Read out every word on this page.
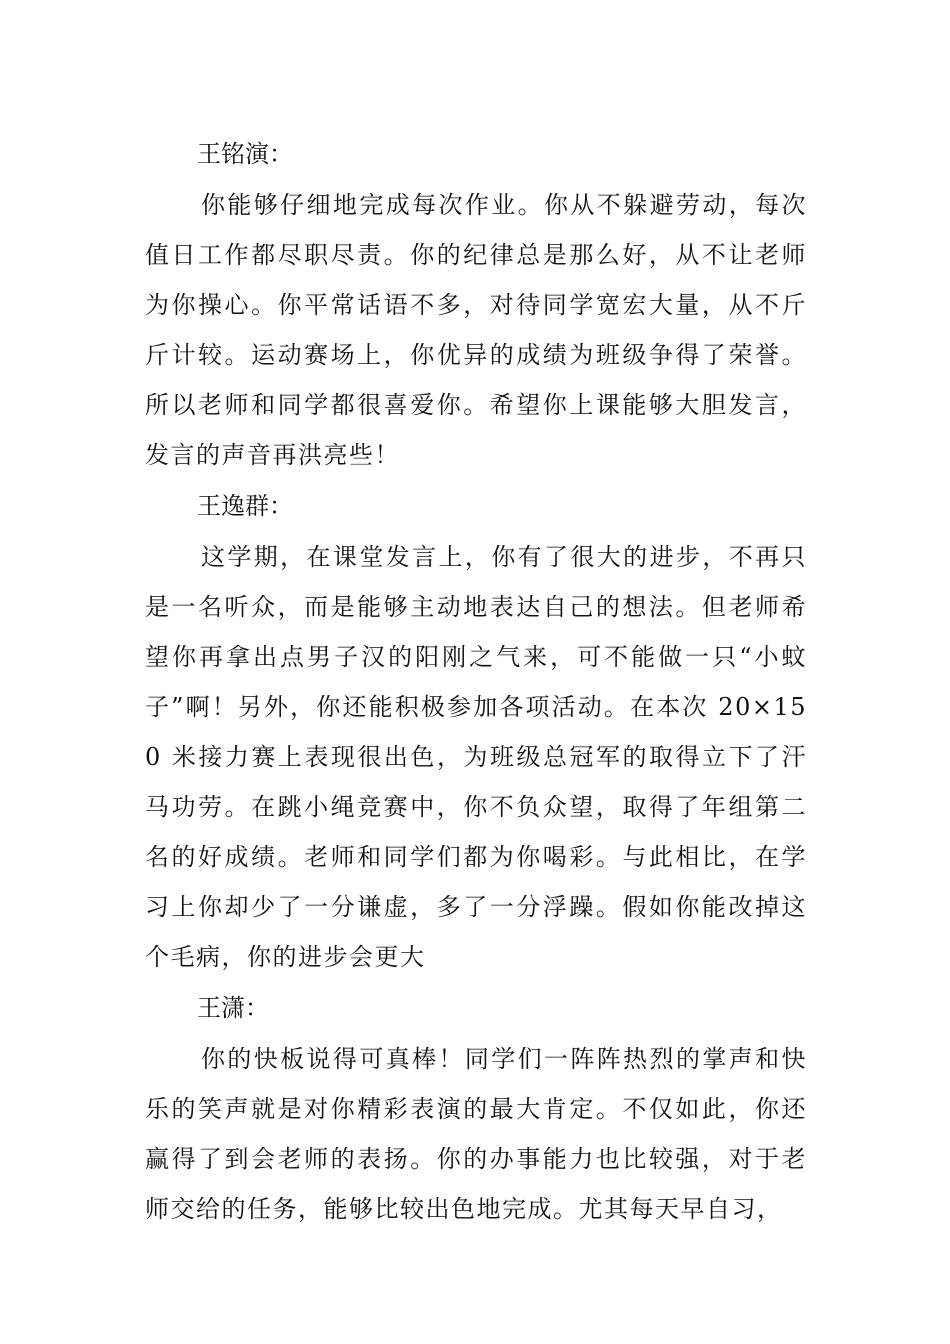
王铭演：

你能够仔细地完成每次作业。你从不躲避劳动，每次值日工作都尽职尽责。你的纪律总是那么好，从不让老师为你操心。你平常话语不多，对待同学宽宏大量，从不斤斤计较。运动赛场上，你优异的成绩为班级争得了荣誉。所以老师和同学都很喜爱你。希望你上课能够大胆发言，发言的声音再洪亮些！

王逸群：

这学期，在课堂发言上，你有了很大的进步，不再只是一名听众，而是能够主动地表达自己的想法。但老师希望你再拿出点男子汉的阳刚之气来，可不能做一只“小蚊子”啊！另外，你还能积极参加各项活动。在本次 20×150 米接力赛上表现很出色，为班级总冠军的取得立下了汗马功劳。在跳小绳竞赛中，你不负众望，取得了年组第二名的好成绩。老师和同学们都为你喝彩。与此相比，在学习上你却少了一分谦虚，多了一分浮躁。假如你能改掉这个毛病，你的进步会更大

王潇：

你的快板说得可真棒！同学们一阵阵热烈的掌声和快乐的笑声就是对你精彩表演的最大肯定。不仅如此，你还赢得了到会老师的表扬。你的办事能力也比较强，对于老师交给的任务，能够比较出色地完成。尤其每天早自习，
